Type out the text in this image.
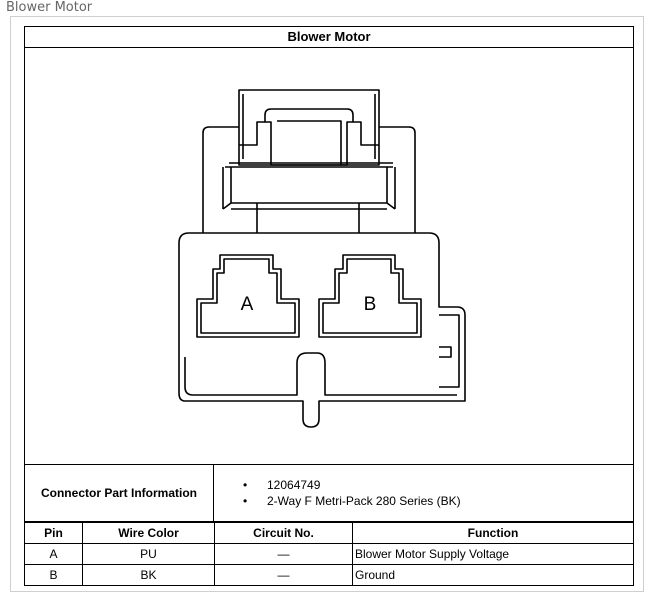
Blower Motor
Blower Motor
A	B
Connector Part Information	
• 12064749
• 2-Way F Metri-Pack 280 Series (BK)
Pin	Wire Color	Circuit No.	Function
A	PU	—	Blower Motor Supply Voltage
B	BK	—	Ground
